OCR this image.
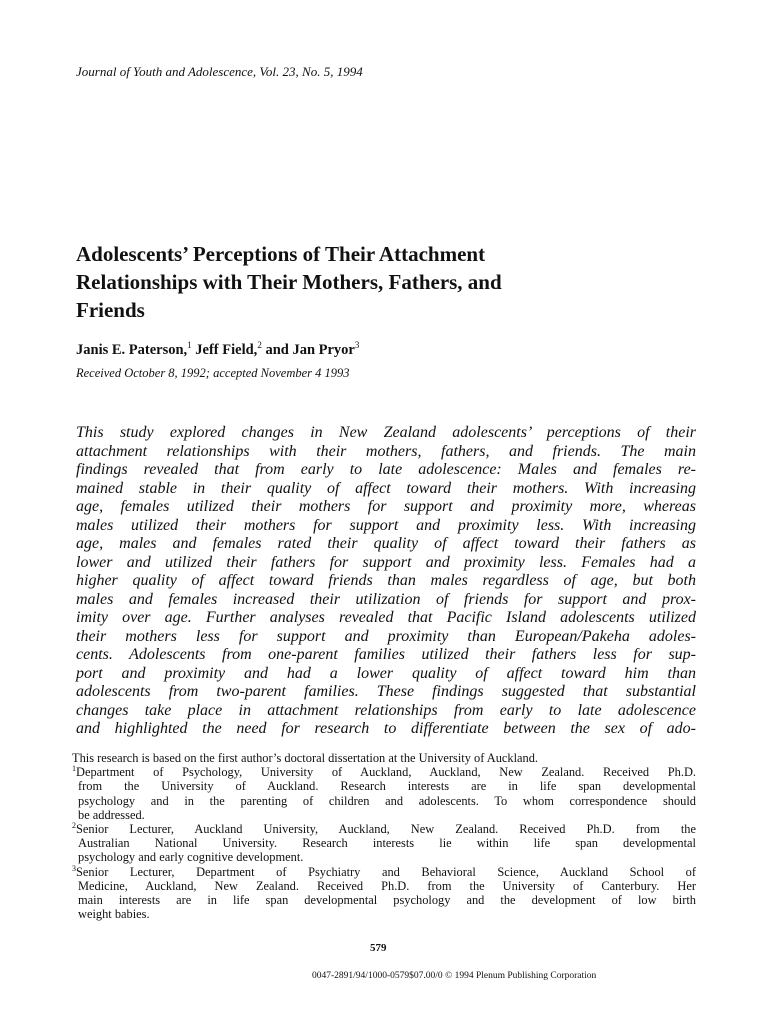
Journal of Youth and Adolescence, Vol. 23, No. 5, 1994
Adolescents’ Perceptions of Their Attachment
Relationships with Their Mothers, Fathers, and
Friends
Janis E. Paterson,$^1$ Jeff Field,$^2$ and Jan Pryor$^3$
Received October 8, 1992; accepted November 4 1993
This study explored changes in New Zealand adolescents’ perceptions of their
attachment relationships with their mothers, fathers, and friends. The main
findings revealed that from early to late adolescence: Males and females re-
mained stable in their quality of affect toward their mothers. With increasing
age, females utilized their mothers for support and proximity more, whereas
males utilized their mothers for support and proximity less. With increasing
age, males and females rated their quality of affect toward their fathers as
lower and utilized their fathers for support and proximity less. Females had a
higher quality of affect toward friends than males regardless of age, but both
males and females increased their utilization of friends for support and prox-
imity over age. Further analyses revealed that Pacific Island adolescents utilized
their mothers less for support and proximity than European/Pakeha adoles-
cents. Adolescents from one-parent families utilized their fathers less for sup-
port and proximity and had a lower quality of affect toward him than
adolescents from two-parent families. These findings suggested that substantial
changes take place in attachment relationships from early to late adolescence
and highlighted the need for research to differentiate between the sex of ado-

This research is based on the first author’s doctoral dissertation at the University of Auckland.

$^1$Department of Psychology, University of Auckland, Auckland, New Zealand. Received Ph.D.
from the University of Auckland. Research interests are in life span developmental
psychology and in the parenting of children and adolescents. To whom correspondence should
be addressed.

$^2$Senior Lecturer, Auckland University, Auckland, New Zealand. Received Ph.D. from the
Australian National University. Research interests lie within life span developmental
psychology and early cognitive development.

$^3$Senior Lecturer, Department of Psychiatry and Behavioral Science, Auckland School of
Medicine, Auckland, New Zealand. Received Ph.D. from the University of Canterbury. Her
main interests are in life span developmental psychology and the development of low birth
weight babies.

579
0047-2891/94/1000-0579$07.00/0 © 1994 Plenum Publishing Corporation
